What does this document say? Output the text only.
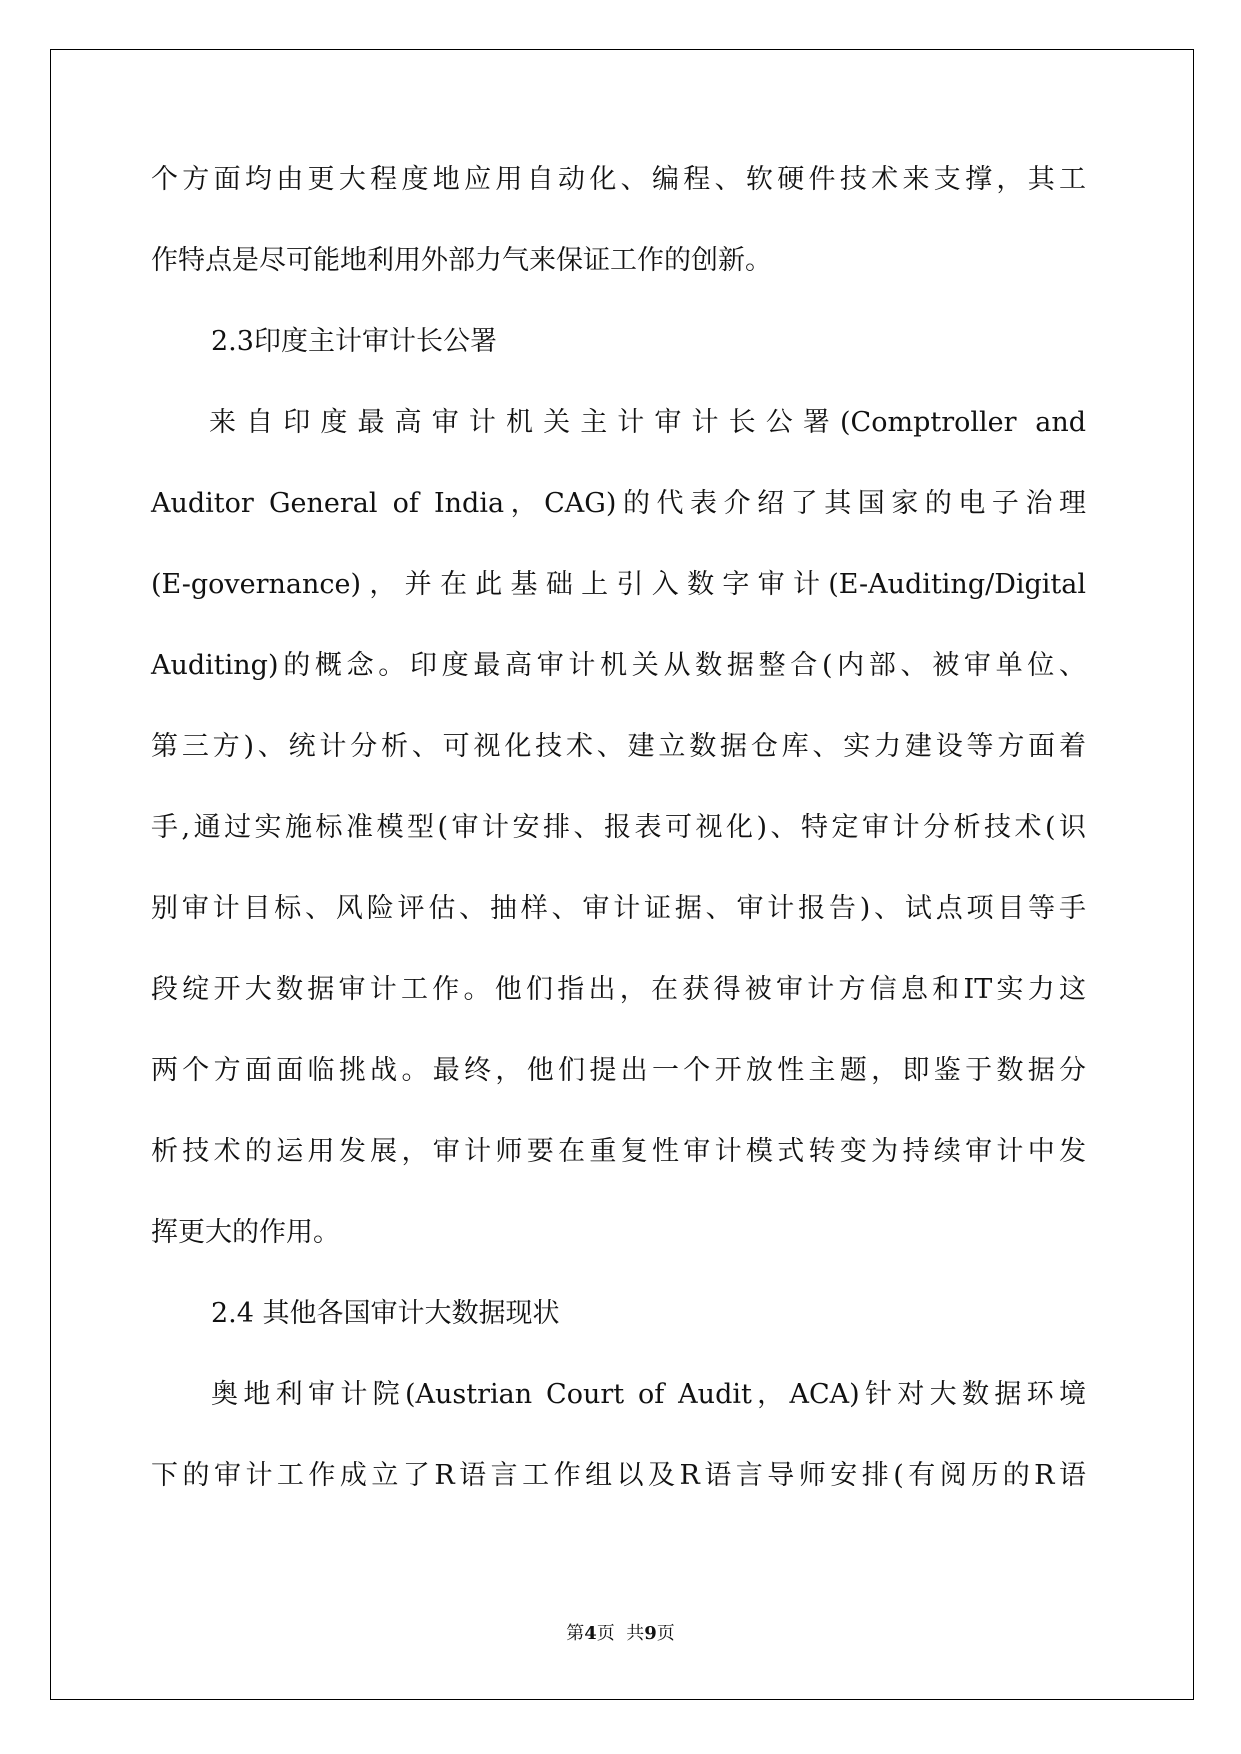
个方面均由更大程度地应用自动化、编程、软硬件技术来支撑，其工
作特点是尽可能地利用外部力气来保证工作的创新。
2.3印度主计审计长公署
来自印度最高审计机关主计审计长公署(Comptroller and
Auditor General of India，CAG)的代表介绍了其国家的电子治理
(E-governance)，并在此基础上引入数字审计(E-Auditing/Digital
Auditing)的概念。印度最高审计机关从数据整合(内部、被审单位、
第三方)、统计分析、可视化技术、建立数据仓库、实力建设等方面着
手,通过实施标准模型(审计安排、报表可视化)、特定审计分析技术(识
别审计目标、风险评估、抽样、审计证据、审计报告)、试点项目等手
段绽开大数据审计工作。他们指出，在获得被审计方信息和IT实力这
两个方面面临挑战。最终，他们提出一个开放性主题，即鉴于数据分
析技术的运用发展，审计师要在重复性审计模式转变为持续审计中发
挥更大的作用。
2.4 其他各国审计大数据现状
奥地利审计院(Austrian Court of Audit，ACA)针对大数据环境
下的审计工作成立了R语言工作组以及R语言导师安排(有阅历的R语
第4页  共9页
